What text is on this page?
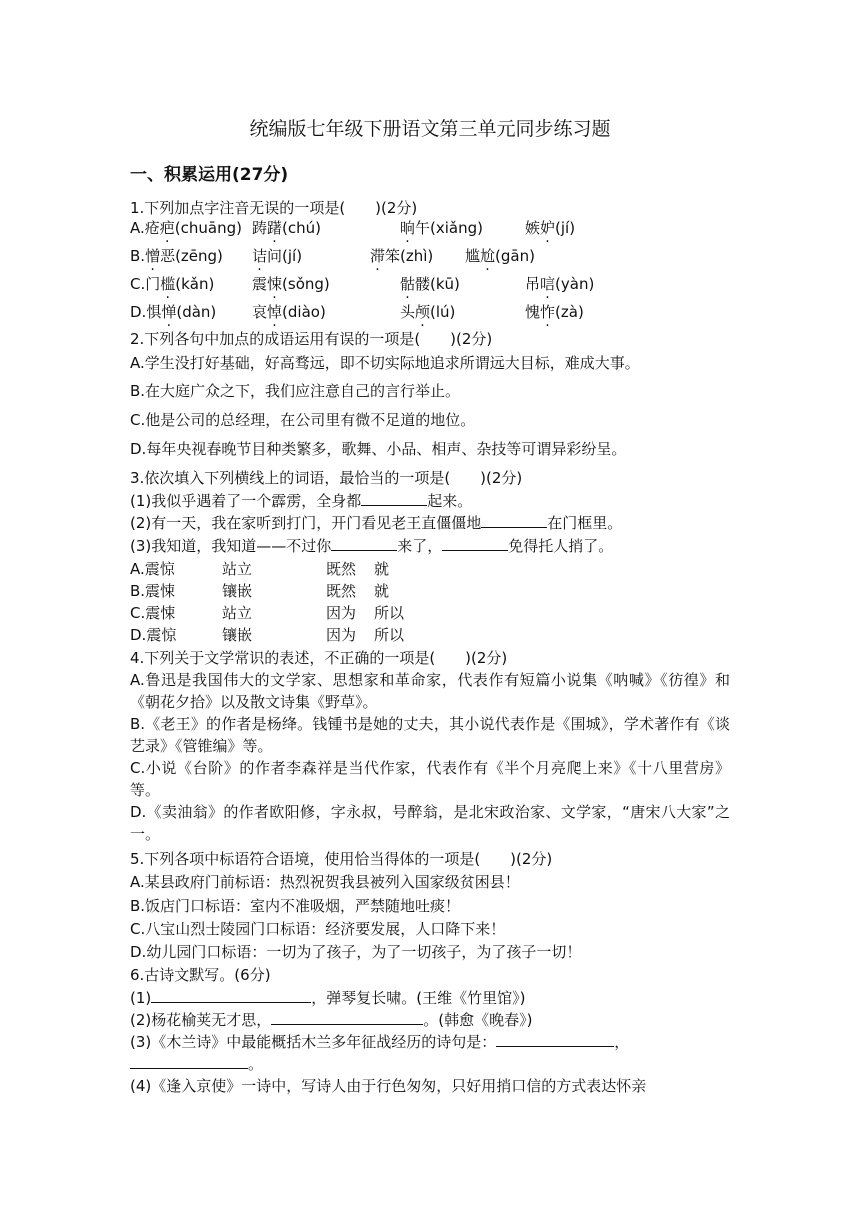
统编版七年级下册语文第三单元同步练习题
一、积累运用(27分)
1.下列加点字注音无误的一项是(　　)(2分)
A.疮疤(chuāng) 踌躇(chú)	晌午(xiǎng)	嫉妒(jí)
B.憎恶(zēng) 诘问(jí)	滞笨(zhì) 尴尬(gān)
C.门槛(kǎn)	震悚(sǒng)	骷髅(kū)	吊唁(yàn)
D.惧惮(dàn) 哀悼(diào)	头颅(lú)	愧怍(zà)
2.下列各句中加点的成语运用有误的一项是(　　)(2分)
A.学生没打好基础，好高骛远，即不切实际地追求所谓远大目标，难成大事。
B.在大庭广众之下，我们应注意自己的言行举止。
C.他是公司的总经理，在公司里有微不足道的地位。
D.每年央视春晚节目种类繁多，歌舞、小品、相声、杂技等可谓异彩纷呈。
3.依次填入下列横线上的词语，最恰当的一项是(　　)(2分)
(1)我似乎遇着了一个霹雳，全身都	起来。
(2)有一天，我在家听到打门，开门看见老王直僵僵地	在门框里。
(3)我知道，我知道——不过你	来了，	免得托人捎了。
A.震惊	站立	既然 就
B.震悚	镶嵌	既然 就
C.震悚	站立	因为 所以
D.震惊	镶嵌	因为 所以
4.下列关于文学常识的表述，不正确的一项是(　　)(2分)
A.鲁迅是我国伟大的文学家、思想家和革命家，代表作有短篇小说集《呐喊》《彷徨》和《朝花夕拾》以及散文诗集《野草》。
B.《老王》的作者是杨绛。钱锺书是她的丈夫，其小说代表作是《围城》，学术著作有《谈艺录》《管锥编》等。
C.小说《台阶》的作者李森祥是当代作家，代表作有《半个月亮爬上来》《十八里营房》等。
D.《卖油翁》的作者欧阳修，字永叔，号醉翁，是北宋政治家、文学家，“唐宋八大家”之一。
5.下列各项中标语符合语境，使用恰当得体的一项是(　　)(2分)
A.某县政府门前标语：热烈祝贺我县被列入国家级贫困县！
B.饭店门口标语：室内不准吸烟，严禁随地吐痰！
C.八宝山烈士陵园门口标语：经济要发展，人口降下来！
D.幼儿园门口标语：一切为了孩子，为了一切孩子，为了孩子一切！
6.古诗文默写。(6分)
(1)	，弹琴复长啸。(王维《竹里馆》)
(2)杨花榆荚无才思，	。(韩愈《晚春》)
(3)《木兰诗》中最能概括木兰多年征战经历的诗句是：	，
。
(4)《逢入京使》一诗中，写诗人由于行色匆匆，只好用捎口信的方式表达怀亲
